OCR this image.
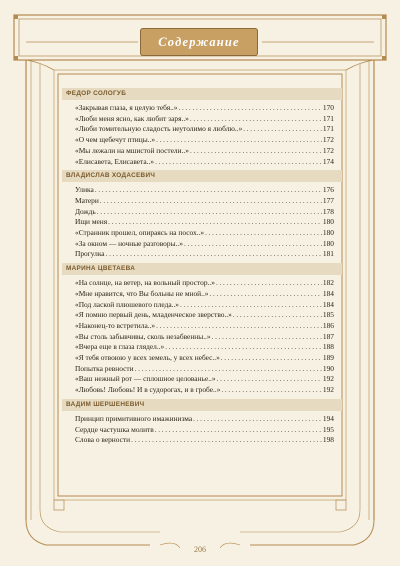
Содержание
ФЕДОР СОЛОГУБ
«Закрывая глаза, я целую тебя..» . . .	170
«Люби меня ясно, как любит заря..» . . .	171
«Люби томительную сладость неутолимо я люблю..» . . .	171
«О чем щебечут птицы..» . . .	172
«Мы лежали на мшистой постели..» . . .	172
«Елисавета, Елисавета..» . . .	174
ВЛАДИСЛАВ ХОДАСЕВИЧ
Улика . . .	176
Матери . . .	177
Дождь . . .	178
Ищи меня . . .	180
«Странник прошел, опираясь на посох..» . . .	180
«За окном — ночные разговоры..» . . .	180
Прогулка . . .	181
МАРИНА ЦВЕТАЕВА
«На солнце, на ветер, на вольный простор..» . . .	182
«Мне нравится, что Вы больны не мной..» . . .	184
«Под лаской плюшевого пледа..» . . .	184
«Я помню первый день, младенческое зверство..» . . .	185
«Наконец-то встретила..» . . .	186
«Вы столь забывчивы, сколь незабвенны..» . . .	187
«Вчера еще в глаза глядел..» . . .	188
«Я тебя отвоюю у всех земель, у всех небес..» . . .	189
Попытка ревности . . .	190
«Ваш нежный рот — сплошное целованье..» . . .	192
«Любовь! Любовь! И в судорогах, и в гробе..» . . .	192
ВАДИМ ШЕРШЕНЕВИЧ
Принцип примитивного имажинизма . . .	194
Сердце частушка молитв . . .	195
Слова о верности . . .	198
206
